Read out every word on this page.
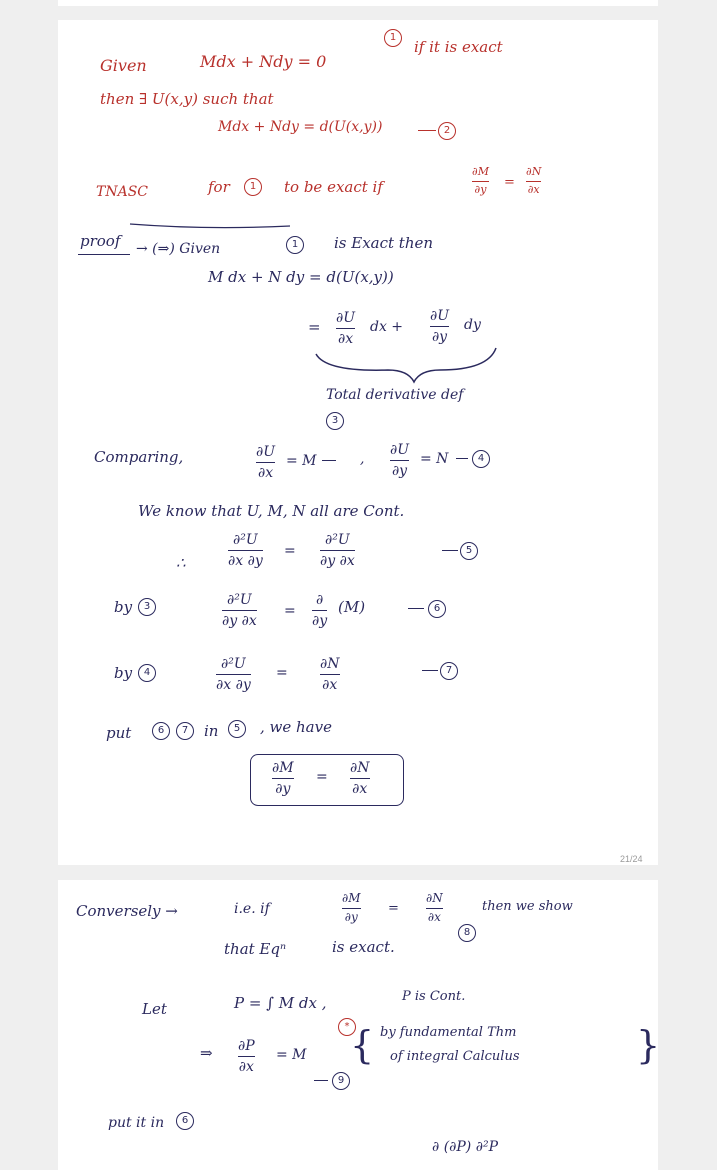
Given	Mdx + Ndy = 0
1
if it is exact
then ∃ U(x,y) such that
Mdx + Ndy = d(U(x,y))	2
TNASC	for	1	to be exact if
∂M
∂y =
∂N
∂x
proof → (⇒) Given	1	is Exact then
M dx + N dy = d(U(x,y))
= ∂U
∂x
dx +
∂U
∂y
dy
Total derivative def
Comparing,	∂U
∂x
= M
3
,
∂U
∂y
= N	4
We know that U, M, N all are Cont.
∴
∂²U
∂x ∂y
=
∂²U
∂y ∂x
5
by	3	∂²U
∂y ∂x
=
∂
∂y
(M)	6
by	4
∂²U
∂x ∂y
=
∂N
∂x
7
put	6	7	in	5	, we have
∂M
∂y
=
∂N
∂x
21/24
Conversely →	i.e. if
∂M
∂y
=
∂N
∂x
then we show
8
that Eqⁿ	is exact.
Let	P = ∫ M dx ,	P is Cont.
*
⇒ ∂P
∂x
= M
9
{ by fundamental Thm
of integral Calculus	}
put it in	6
∂ (∂P) ∂²P
